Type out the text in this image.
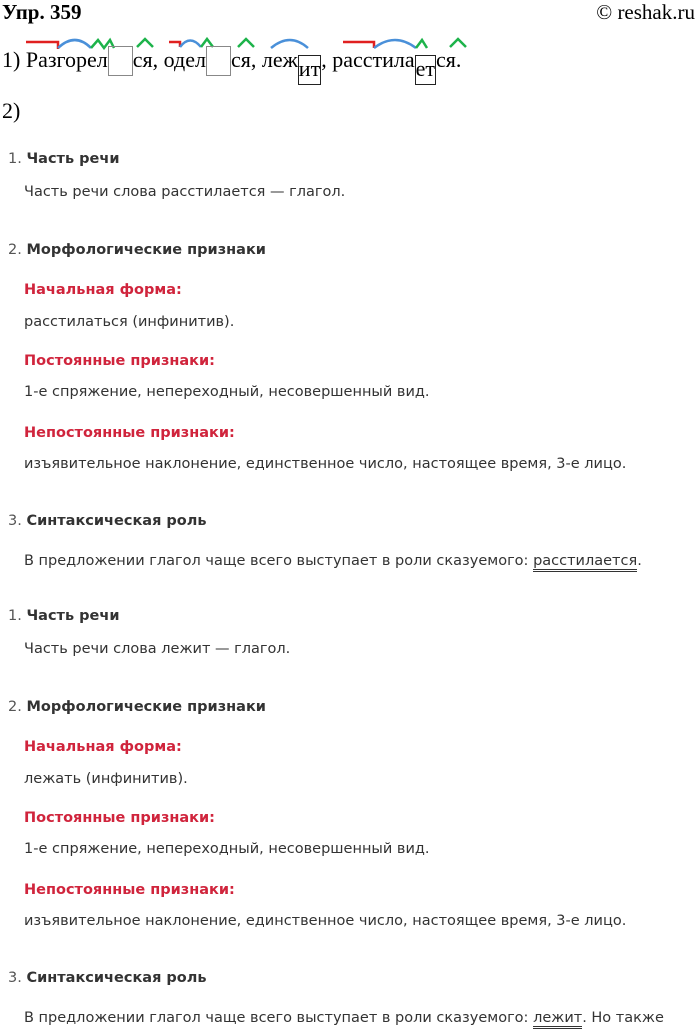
Упр. 359	© reshak.ru
1) Разгорел ся, одел ся, лежит, расстилается.
2)
1. Часть речи
Часть речи слова расстилается — глагол.
2. Морфологические признаки
Начальная форма:
расстилаться (инфинитив).
Постоянные признаки:
1-е спряжение, непереходный, несовершенный вид.
Непостоянные признаки:
изъявительное наклонение, единственное число, настоящее время, 3-е лицо.
3. Синтаксическая роль
В предложении глагол чаще всего выступает в роли сказуемого: расстилается.
1. Часть речи
Часть речи слова лежит — глагол.
2. Морфологические признаки
Начальная форма:
лежать (инфинитив).
Постоянные признаки:
1-е спряжение, непереходный, несовершенный вид.
Непостоянные признаки:
изъявительное наклонение, единственное число, настоящее время, 3-е лицо.
3. Синтаксическая роль
В предложении глагол чаще всего выступает в роли сказуемого: лежит. Но также
